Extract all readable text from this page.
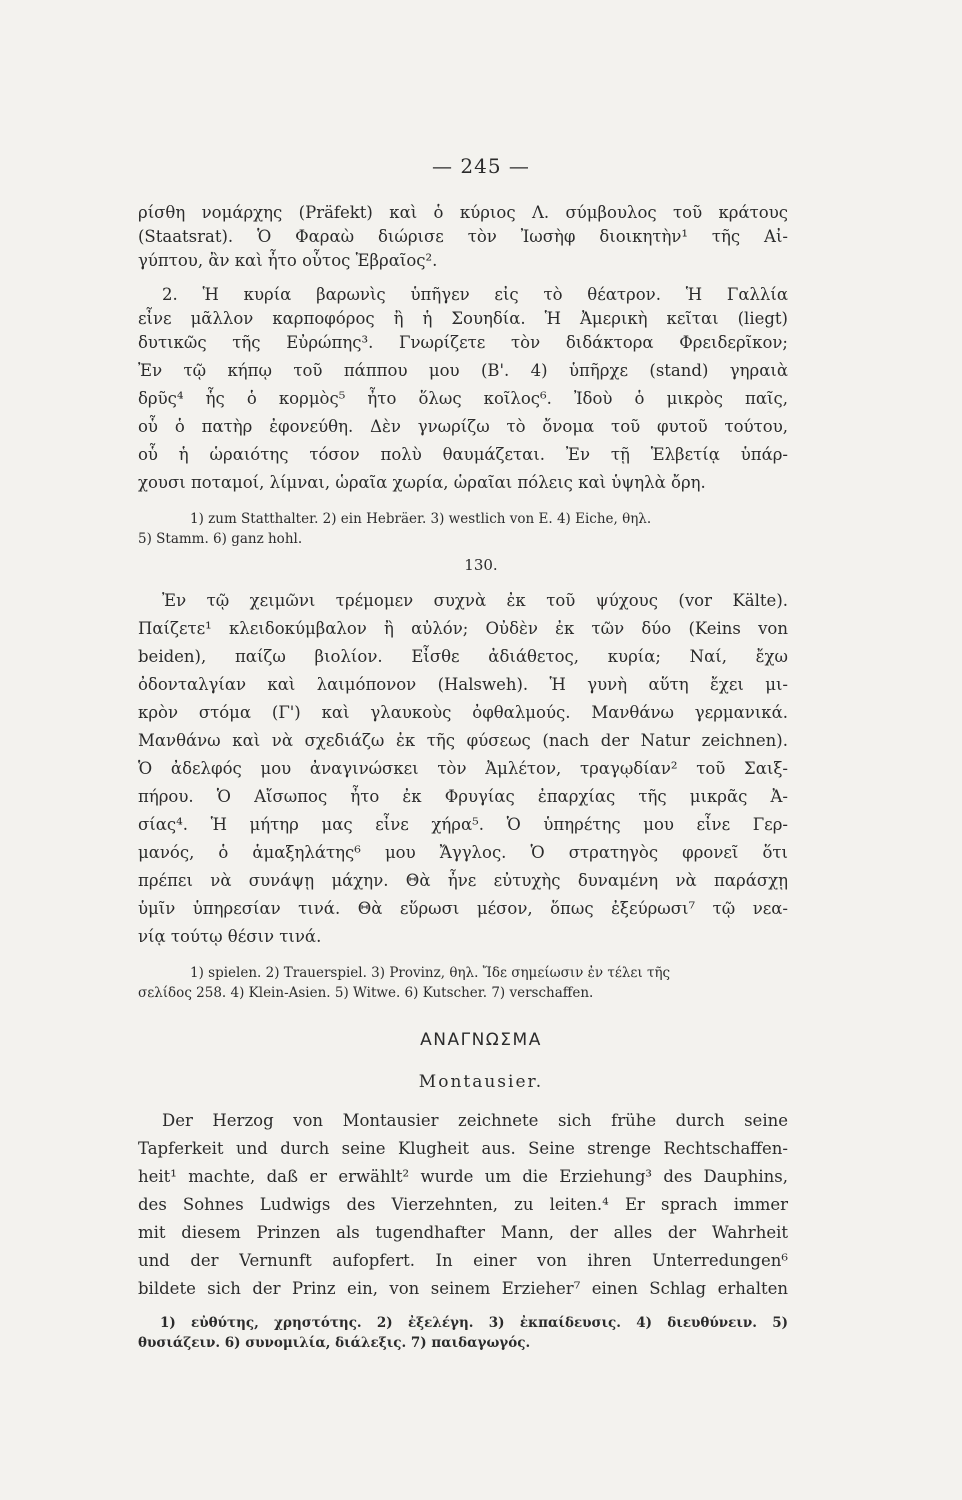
— 245 —
ρίσθη νομάρχης (Präfekt) καὶ ὁ κύριος Λ. σύμβουλος τοῦ κράτους
(Staatsrat). Ὁ Φαραὼ διώρισε τὸν Ἰωσὴφ διοικητὴν¹ τῆς Αἰ-
γύπτου, ἂν καὶ ἦτο οὗτος Ἑβραῖος².
2. Ἡ κυρία βαρωνὶς ὑπῆγεν εἰς τὸ θέατρον. Ἡ Γαλλία
εἶνε μᾶλλον καρποφόρος ἢ ἡ Σουηδία. Ἡ Ἀμερικὴ κεῖται (liegt)
δυτικῶς τῆς Εὐρώπης³. Γνωρίζετε τὸν διδάκτορα Φρειδερῖκον;
Ἐν τῷ κήπῳ τοῦ πάππου μου (Β'. 4) ὑπῆρχε (stand) γηραιὰ
δρῦς⁴ ἧς ὁ κορμὸς⁵ ἦτο ὅλως κοῖλος⁶. Ἰδοὺ ὁ μικρὸς παῖς,
οὗ ὁ πατὴρ ἐφονεύθη. Δὲν γνωρίζω τὸ ὄνομα τοῦ φυτοῦ τούτου,
οὗ ἡ ὡραιότης τόσον πολὺ θαυμάζεται. Ἐν τῇ Ἑλβετίᾳ ὑπάρ-
χουσι ποταμοί, λίμναι, ὡραῖα χωρία, ὡραῖαι πόλεις καὶ ὑψηλὰ ὄρη.
1) zum Statthalter. 2) ein Hebräer. 3) westlich von E. 4) Eiche, θηλ.
5) Stamm. 6) ganz hohl.
130.
Ἐν τῷ χειμῶνι τρέμομεν συχνὰ ἐκ τοῦ ψύχους (vor Kälte).
Παίζετε¹ κλειδοκύμβαλον ἢ αὐλόν; Οὐδὲν ἐκ τῶν δύο (Keins von
beiden), παίζω βιολίον. Εἶσθε ἀδιάθετος, κυρία; Ναί, ἔχω
ὀδονταλγίαν καὶ λαιμόπονον (Halsweh). Ἡ γυνὴ αὕτη ἔχει μι-
κρὸν στόμα (Γ') καὶ γλαυκοὺς ὀφθαλμούς. Μανθάνω γερμανικά.
Μανθάνω καὶ νὰ σχεδιάζω ἐκ τῆς φύσεως (nach der Natur zeichnen).
Ὁ ἀδελφός μου ἀναγινώσκει τὸν Ἀμλέτον, τραγῳδίαν² τοῦ Σαιξ-
πήρου. Ὁ Αἴσωπος ἦτο ἐκ Φρυγίας ἐπαρχίας τῆς μικρᾶς Ἀ-
σίας⁴. Ἡ μήτηρ μας εἶνε χήρα⁵. Ὁ ὑπηρέτης μου εἶνε Γερ-
μανός, ὁ ἁμαξηλάτης⁶ μου Ἄγγλος. Ὁ στρατηγὸς φρονεῖ ὅτι
πρέπει νὰ συνάψῃ μάχην. Θὰ ἦνε εὐτυχὴς δυναμένη νὰ παράσχῃ
ὑμῖν ὑπηρεσίαν τινά. Θὰ εὕρωσι μέσον, ὅπως ἐξεύρωσι⁷ τῷ νεα-
νίᾳ τούτῳ θέσιν τινά.
1) spielen. 2) Trauerspiel. 3) Provinz, θηλ. Ἴδε σημείωσιν ἐν τέλει τῆς
σελίδος 258. 4) Klein-Asien. 5) Witwe. 6) Kutscher. 7) verschaffen.
ΑΝΑΓΝΩΣΜΑ
Montausier.
Der Herzog von Montausier zeichnete sich frühe durch seine
Tapferkeit und durch seine Klugheit aus. Seine strenge Rechtschaffen-
heit¹ machte, daß er erwählt² wurde um die Erziehung³ des Dauphins,
des Sohnes Ludwigs des Vierzehnten, zu leiten.⁴ Er sprach immer
mit diesem Prinzen als tugendhafter Mann, der alles der Wahrheit
und der Vernunft aufopfert. In einer von ihren Unterredungen⁶
bildete sich der Prinz ein, von seinem Erzieher⁷ einen Schlag erhalten
1) εὐθύτης, χρηστότης. 2) ἐξελέγη. 3) ἐκπαίδευσις. 4) διευθύνειν. 5)
θυσιάζειν. 6) συνομιλία, διάλεξις. 7) παιδαγωγός.
